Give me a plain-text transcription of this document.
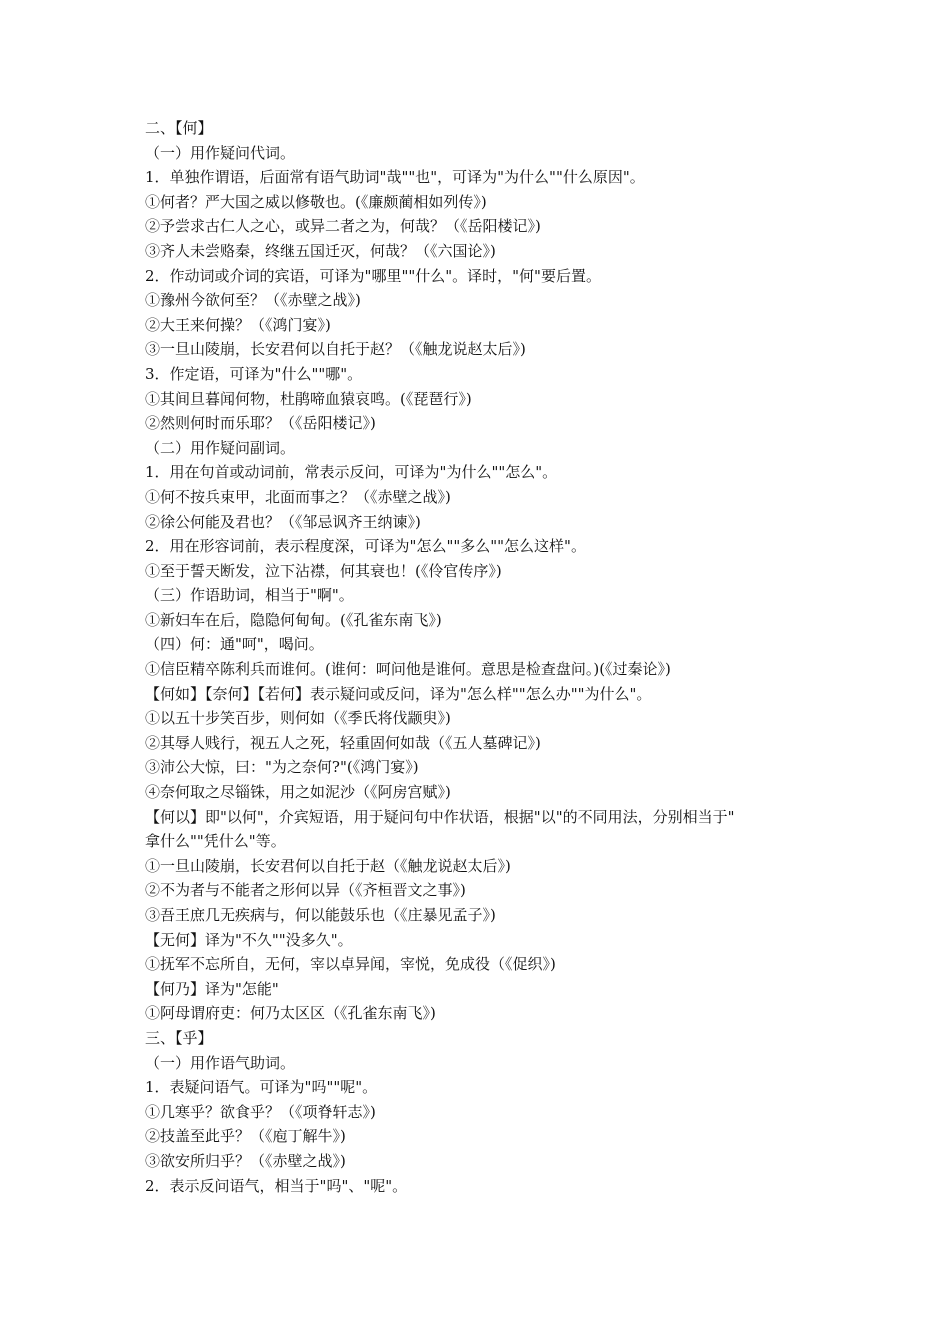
二、【何】

（一）用作疑问代词。

1．单独作谓语，后面常有语气助词"哉""也"，可译为"为什么""什么原因"。

①何者？严大国之威以修敬也。(《廉颇蔺相如列传》)

②予尝求古仁人之心，或异二者之为，何哉？（《岳阳楼记》)

③齐人未尝赂秦，终继五国迁灭，何哉？（《六国论》)

2．作动词或介词的宾语，可译为"哪里""什么"。译时，"何"要后置。

①豫州今欲何至？（《赤壁之战》)

②大王来何操？（《鸿门宴》)

③一旦山陵崩，长安君何以自托于赵？（《触龙说赵太后》)

3．作定语，可译为"什么""哪"。

①其间旦暮闻何物，杜鹃啼血猿哀鸣。(《琵琶行》)

②然则何时而乐耶？（《岳阳楼记》)

（二）用作疑问副词。

1．用在句首或动词前，常表示反问，可译为"为什么""怎么"。

①何不按兵束甲，北面而事之？（《赤壁之战》)

②徐公何能及君也？（《邹忌讽齐王纳谏》)

2．用在形容词前，表示程度深，可译为"怎么""多么""怎么这样"。

①至于誓天断发，泣下沾襟，何其衰也！(《伶官传序》)

（三）作语助词，相当于"啊"。

①新妇车在后，隐隐何甸甸。(《孔雀东南飞》)

（四）何：通"呵"，喝问。

①信臣精卒陈利兵而谁何。(谁何：呵问他是谁何。意思是检查盘问。)(《过秦论》)

【何如】【奈何】【若何】表示疑问或反问，译为"怎么样""怎么办""为什么"。

①以五十步笑百步，则何如（《季氏将伐颛臾》)

②其辱人贱行，视五人之死，轻重固何如哉（《五人墓碑记》)

③沛公大惊，曰："为之奈何?"(《鸿门宴》)

④奈何取之尽锱铢，用之如泥沙（《阿房宫赋》)

【何以】即"以何"，介宾短语，用于疑问句中作状语，根据"以"的不同用法，分别相当于"

拿什么""凭什么"等。

①一旦山陵崩，长安君何以自托于赵（《触龙说赵太后》)

②不为者与不能者之形何以异（《齐桓晋文之事》)

③吾王庶几无疾病与，何以能鼓乐也（《庄暴见孟子》)

【无何】译为"不久""没多久"。

①抚军不忘所自，无何，宰以卓异闻，宰悦，免成役（《促织》)

【何乃】译为"怎能"

①阿母谓府吏：何乃太区区（《孔雀东南飞》)

三、【乎】

（一）用作语气助词。

1．表疑问语气。可译为"吗""呢"。

①几寒乎？欲食乎？（《项脊轩志》)

②技盖至此乎？（《庖丁解牛》)

③欲安所归乎？（《赤壁之战》)

2．表示反问语气，相当于"吗"、"呢"。
